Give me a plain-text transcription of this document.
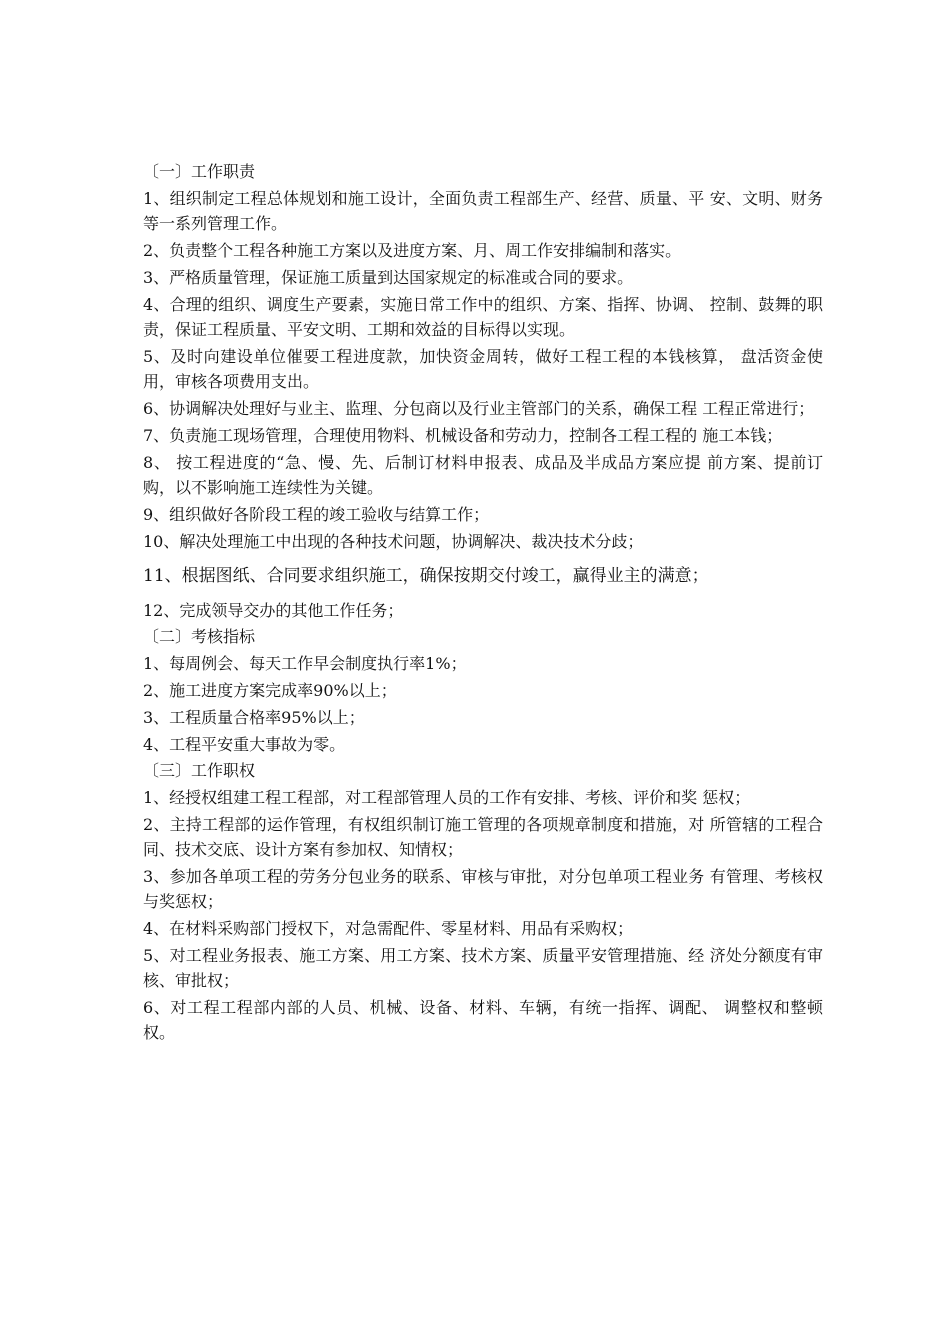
〔一〕工作职责
1、组织制定工程总体规划和施工设计，全面负责工程部生产、经营、质量、平 安、文明、财务等一系列管理工作。
2、负责整个工程各种施工方案以及进度方案、月、周工作安排编制和落实。
3、严格质量管理，保证施工质量到达国家规定的标准或合同的要求。
4、合理的组织、调度生产要素，实施日常工作中的组织、方案、指挥、协调、 控制、鼓舞的职责，保证工程质量、平安文明、工期和效益的目标得以实现。
5、及时向建设单位催要工程进度款，加快资金周转，做好工程工程的本钱核算， 盘活资金使用，审核各项费用支出。
6、协调解决处理好与业主、监理、分包商以及行业主管部门的关系，确保工程 工程正常进行；
7、负责施工现场管理，合理使用物料、机械设备和劳动力，控制各工程工程的 施工本钱；
8、 按工程进度的“急、慢、先、后制订材料申报表、成品及半成品方案应提 前方案、提前订购，以不影响施工连续性为关键。
9、组织做好各阶段工程的竣工验收与结算工作；
10、解决处理施工中出现的各种技术问题，协调解决、裁决技术分歧；
11、根据图纸、合同要求组织施工，确保按期交付竣工，赢得业主的满意；
12、完成领导交办的其他工作任务；
〔二〕考核指标
1、每周例会、每天工作早会制度执行率1%；
2、施工进度方案完成率90%以上；
3、工程质量合格率95%以上；
4、工程平安重大事故为零。
〔三〕工作职权
1、经授权组建工程工程部，对工程部管理人员的工作有安排、考核、评价和奖 惩权；
2、主持工程部的运作管理，有权组织制订施工管理的各项规章制度和措施，对 所管辖的工程合同、技术交底、设计方案有参加权、知情权；
3、参加各单项工程的劳务分包业务的联系、审核与审批，对分包单项工程业务 有管理、考核权与奖惩权；
4、在材料采购部门授权下，对急需配件、零星材料、用品有采购权；
5、对工程业务报表、施工方案、用工方案、技术方案、质量平安管理措施、经 济处分额度有审核、审批权；
6、对工程工程部内部的人员、机械、设备、材料、车辆，有统一指挥、调配、 调整权和整顿权。
